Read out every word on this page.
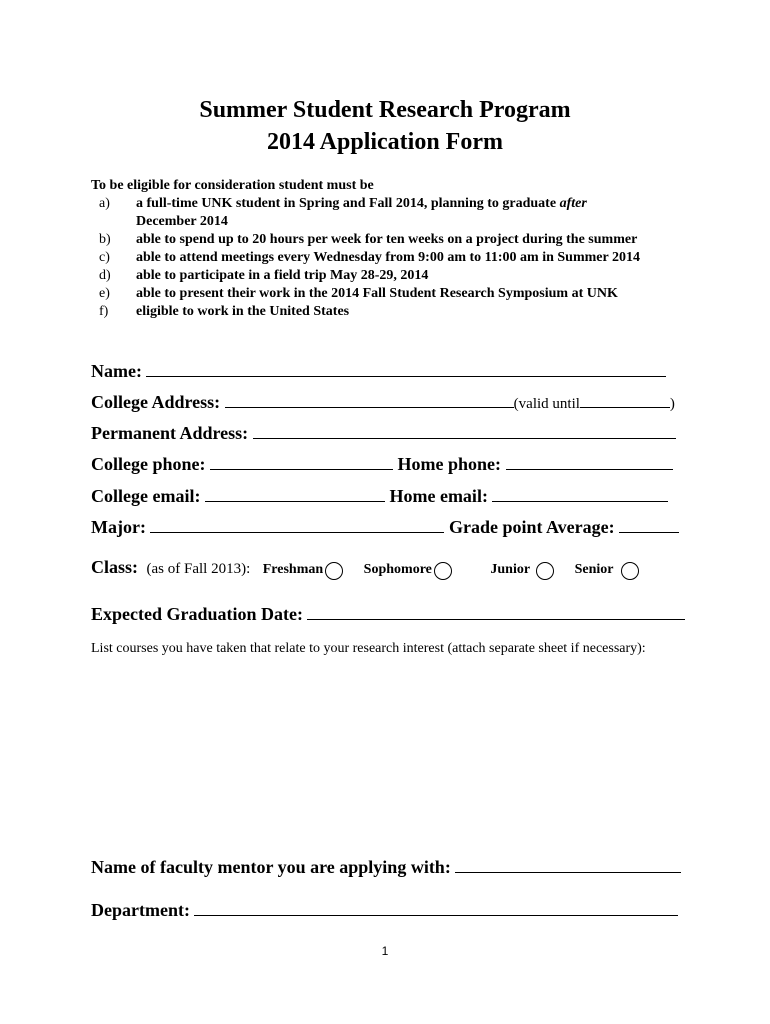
Summer Student Research Program
2014 Application Form
To be eligible for consideration student must be
a) a full-time UNK student in Spring and Fall 2014, planning to graduate after
December 2014
b) able to spend up to 20 hours per week for ten weeks on a project during the summer
c) able to attend meetings every Wednesday from 9:00 am to 11:00 am in Summer 2014
d) able to participate in a field trip May 28-29, 2014
e) able to present their work in the 2014 Fall Student Research Symposium at UNK
f) eligible to work in the United States
Name:
College Address:	(valid until	)
Permanent Address:
College phone:	Home phone:
College email:	Home email:
Major:	Grade point Average:
Class: (as of Fall 2013): Freshman	Sophomore	Junior	Senior
Expected Graduation Date:
List courses you have taken that relate to your research interest (attach separate sheet if necessary):
Name of faculty mentor you are applying with:
Department:
1
